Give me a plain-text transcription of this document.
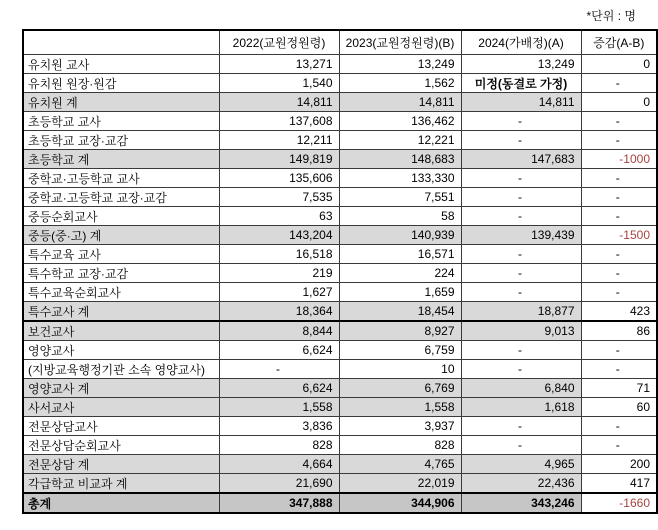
*단위 : 명
	2022(교원정원령)	2023(교원정원령)(B)	2024(가배정)(A)	증감(A-B)
유치원 교사	13,271	13,249	13,249	0
유치원 원장·원감	1,540	1,562	미정(동결로 가정)	-
유치원 계	14,811	14,811	14,811	0
초등학교 교사	137,608	136,462	-	-
초등학교 교장·교감	12,211	12,221	-	-
초등학교 계	149,819	148,683	147,683	-1000
중학교·고등학교 교사	135,606	133,330	-	-
중학교·고등학교 교장·교감	7,535	7,551	-	-
중등순회교사	63	58	-	-
중등(중·고) 계	143,204	140,939	139,439	-1500
특수교육 교사	16,518	16,571	-	-
특수학교 교장·교감	219	224	-	-
특수교육순회교사	1,627	1,659	-	-
특수교사 계	18,364	18,454	18,877	423
보건교사	8,844	8,927	9,013	86
영양교사	6,624	6,759	-	-
(지방교육행정기관 소속 영양교사)	-	10	-	-
영양교사 계	6,624	6,769	6,840	71
사서교사	1,558	1,558	1,618	60
전문상담교사	3,836	3,937	-	-
전문상담순회교사	828	828	-	-
전문상담 계	4,664	4,765	4,965	200
각급학교 비교과 계	21,690	22,019	22,436	417
총계	347,888	344,906	343,246	-1660
